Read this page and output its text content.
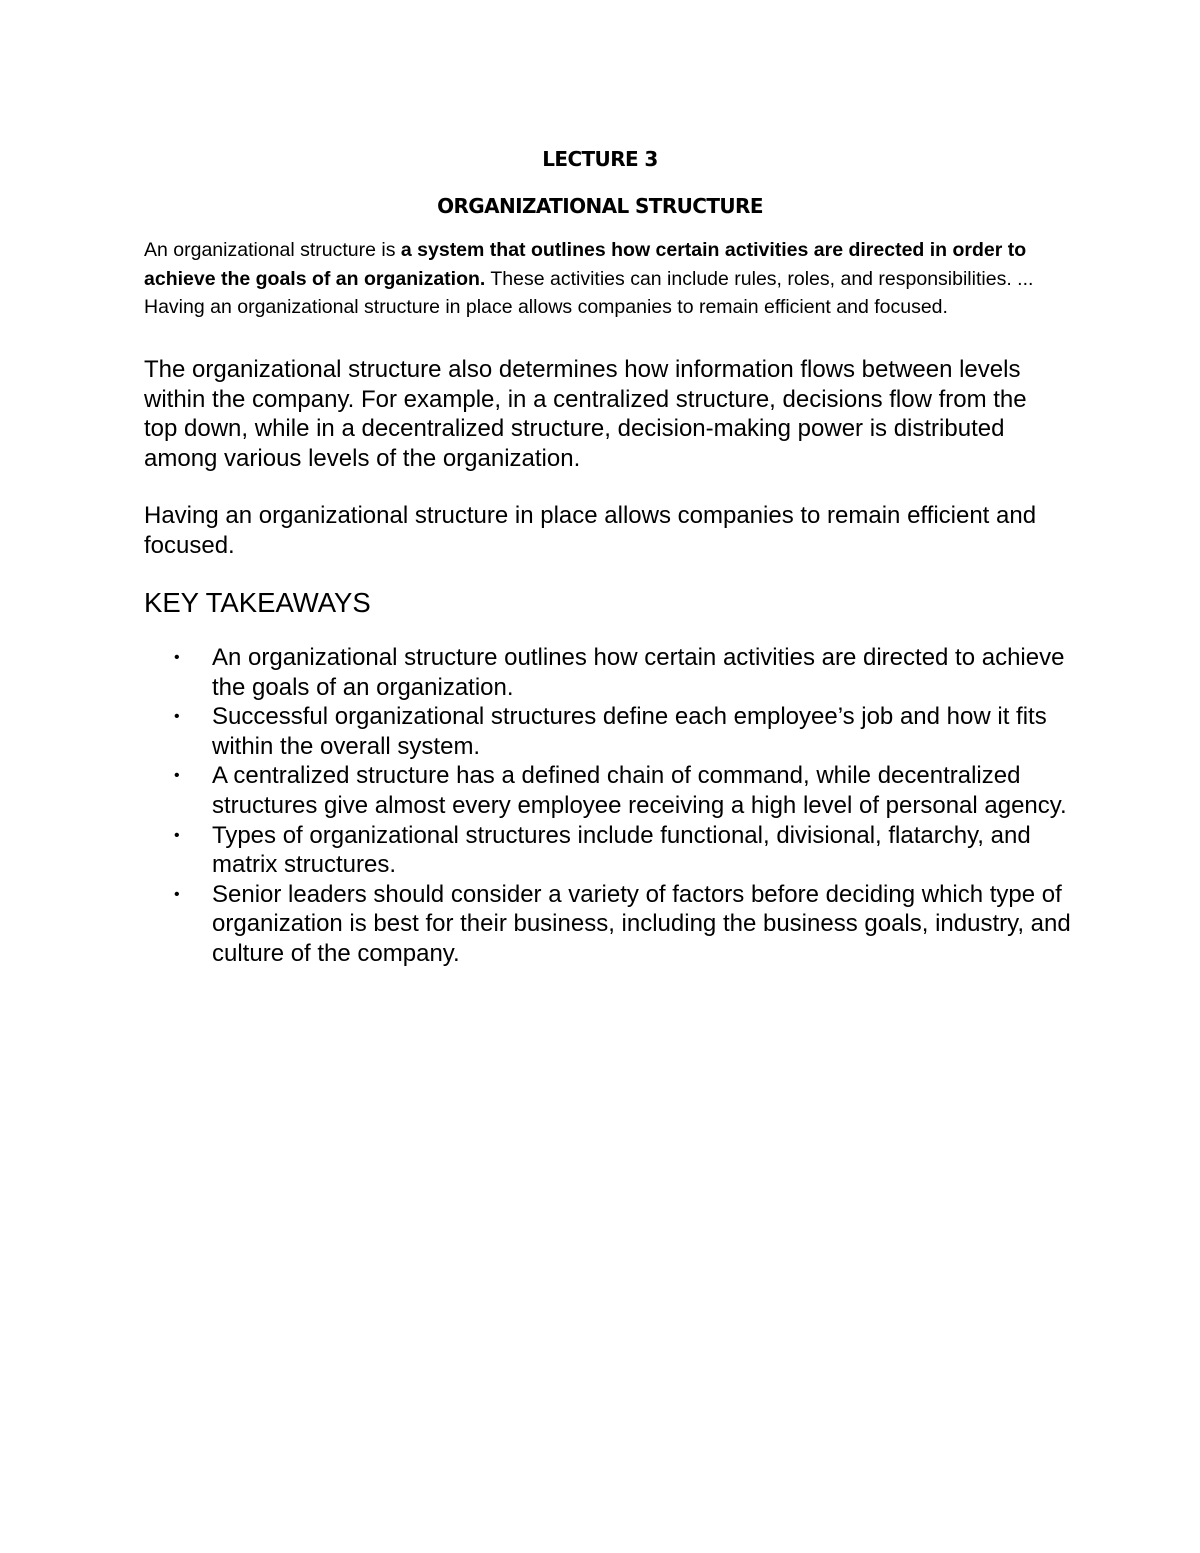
LECTURE 3
ORGANIZATIONAL STRUCTURE

An organizational structure is a system that outlines how certain activities are directed in order to achieve the goals of an organization. These activities can include rules, roles, and responsibilities. ... Having an organizational structure in place allows companies to remain efficient and focused.

The organizational structure also determines how information flows between levels within the company. For example, in a centralized structure, decisions flow from the top down, while in a decentralized structure, decision-making power is distributed among various levels of the organization.

Having an organizational structure in place allows companies to remain efficient and focused.

KEY TAKEAWAYS
• An organizational structure outlines how certain activities are directed to achieve the goals of an organization.
• Successful organizational structures define each employee’s job and how it fits within the overall system.
• A centralized structure has a defined chain of command, while decentralized structures give almost every employee receiving a high level of personal agency.
• Types of organizational structures include functional, divisional, flatarchy, and matrix structures.
• Senior leaders should consider a variety of factors before deciding which type of organization is best for their business, including the business goals, industry, and culture of the company.
